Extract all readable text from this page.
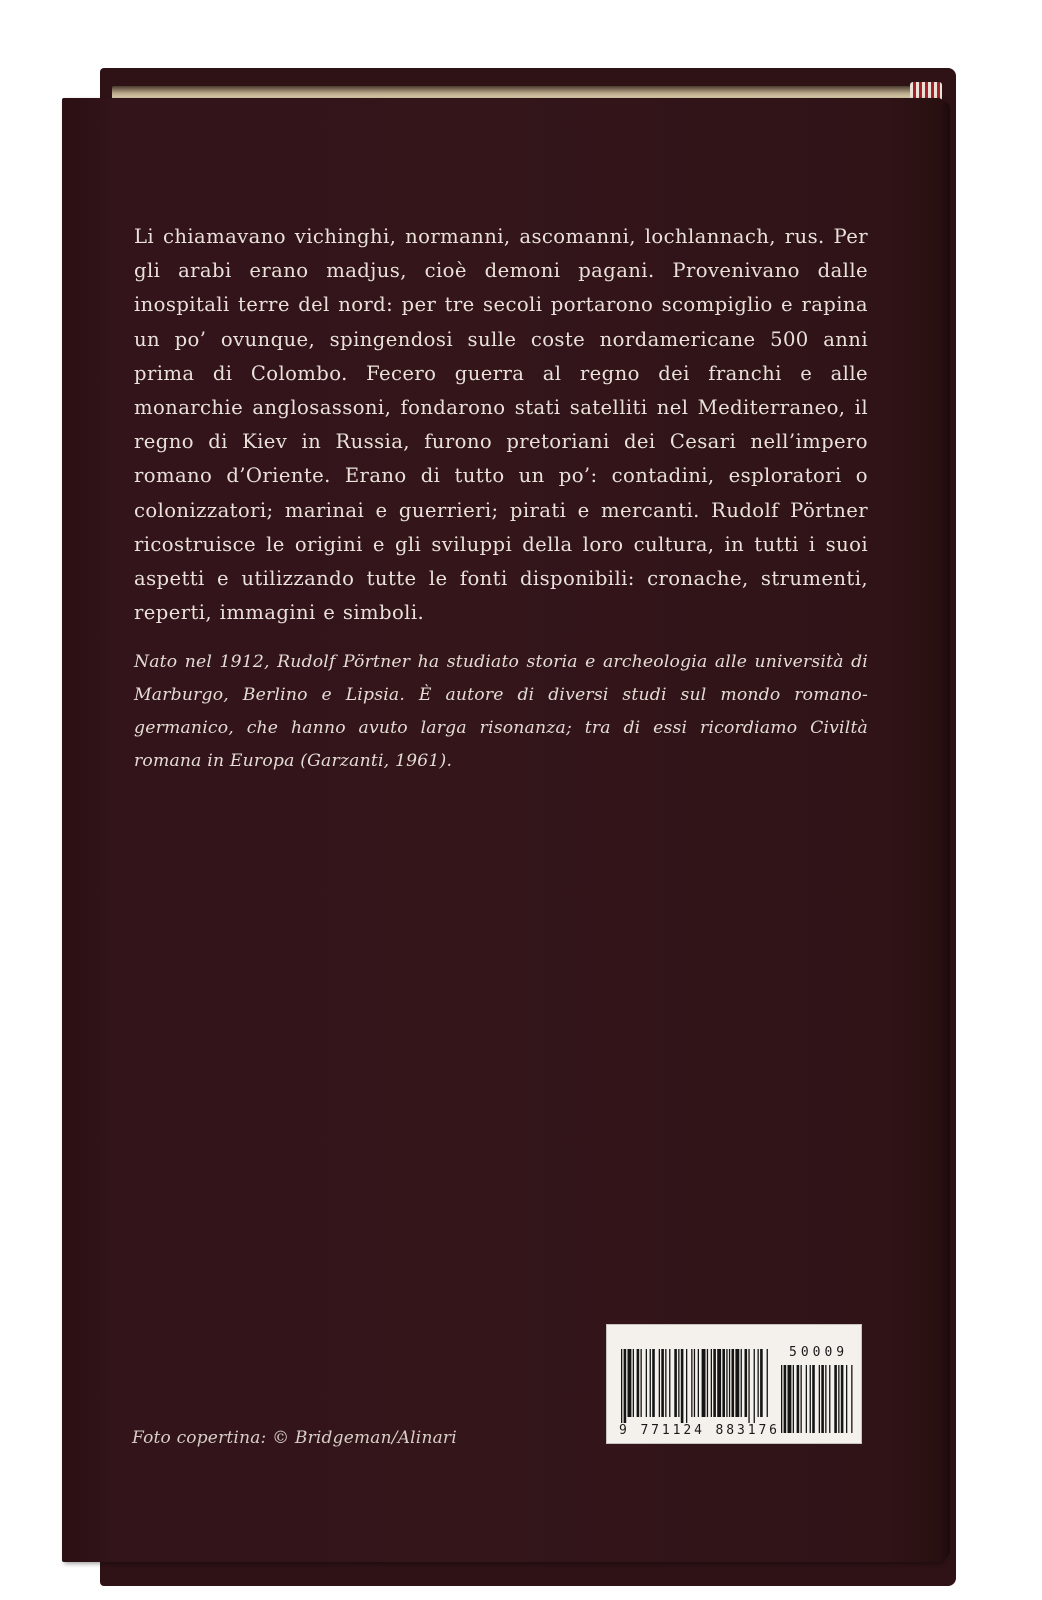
Li chiamavano vichinghi, normanni, ascomanni, lochlannach, rus. Per gli arabi erano madjus, cioè demoni pagani. Provenivano dalle inospitali terre del nord: per tre secoli portarono scompiglio e rapina un po’ ovunque, spingendosi sulle coste nordamericane 500 anni prima di Colombo. Fecero guerra al regno dei franchi e alle monarchie anglosassoni, fondarono stati satelliti nel Mediterraneo, il regno di Kiev in Russia, furono pretoriani dei Cesari nell’impero romano d’Oriente. Erano di tutto un po’: contadini, esploratori o colonizzatori; marinai e guerrieri; pirati e mercanti. Rudolf Pörtner ricostruisce le origini e gli sviluppi della loro cultura, in tutti i suoi aspetti e utilizzando tutte le fonti disponibili: cronache, strumenti, reperti, immagini e simboli.

Nato nel 1912, Rudolf Pörtner ha studiato storia e archeologia alle università di Marburgo, Berlino e Lipsia. È autore di diversi studi sul mondo romano-germanico, che hanno avuto larga risonanza; tra di essi ricordiamo Civiltà romana in Europa (Garzanti, 1961).

Foto copertina: © Bridgeman/Alinari
50009
9 771124 883176
